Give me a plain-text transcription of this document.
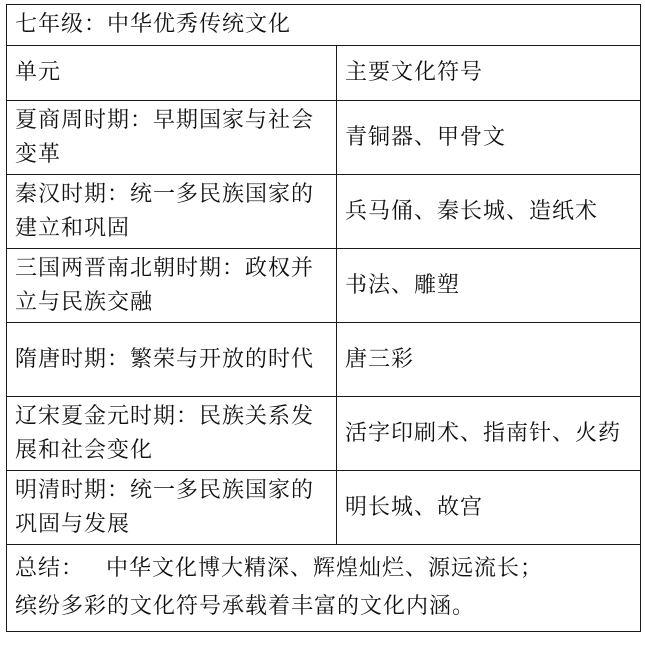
七年级：中华优秀传统文化	
单元	主要文化符号
夏商周时期：早期国家与社会变革	青铜器、甲骨文
秦汉时期：统一多民族国家的建立和巩固	兵马俑、秦长城、造纸术
三国两晋南北朝时期：政权并立与民族交融	书法、雕塑
隋唐时期：繁荣与开放的时代	唐三彩
辽宋夏金元时期：民族关系发展和社会变化	活字印刷术、指南针、火药
明清时期：统一多民族国家的巩固与发展	明长城、故宫

总结： 中华文化博大精深、辉煌灿烂、源远流长；
缤纷多彩的文化符号承载着丰富的文化内涵。	
